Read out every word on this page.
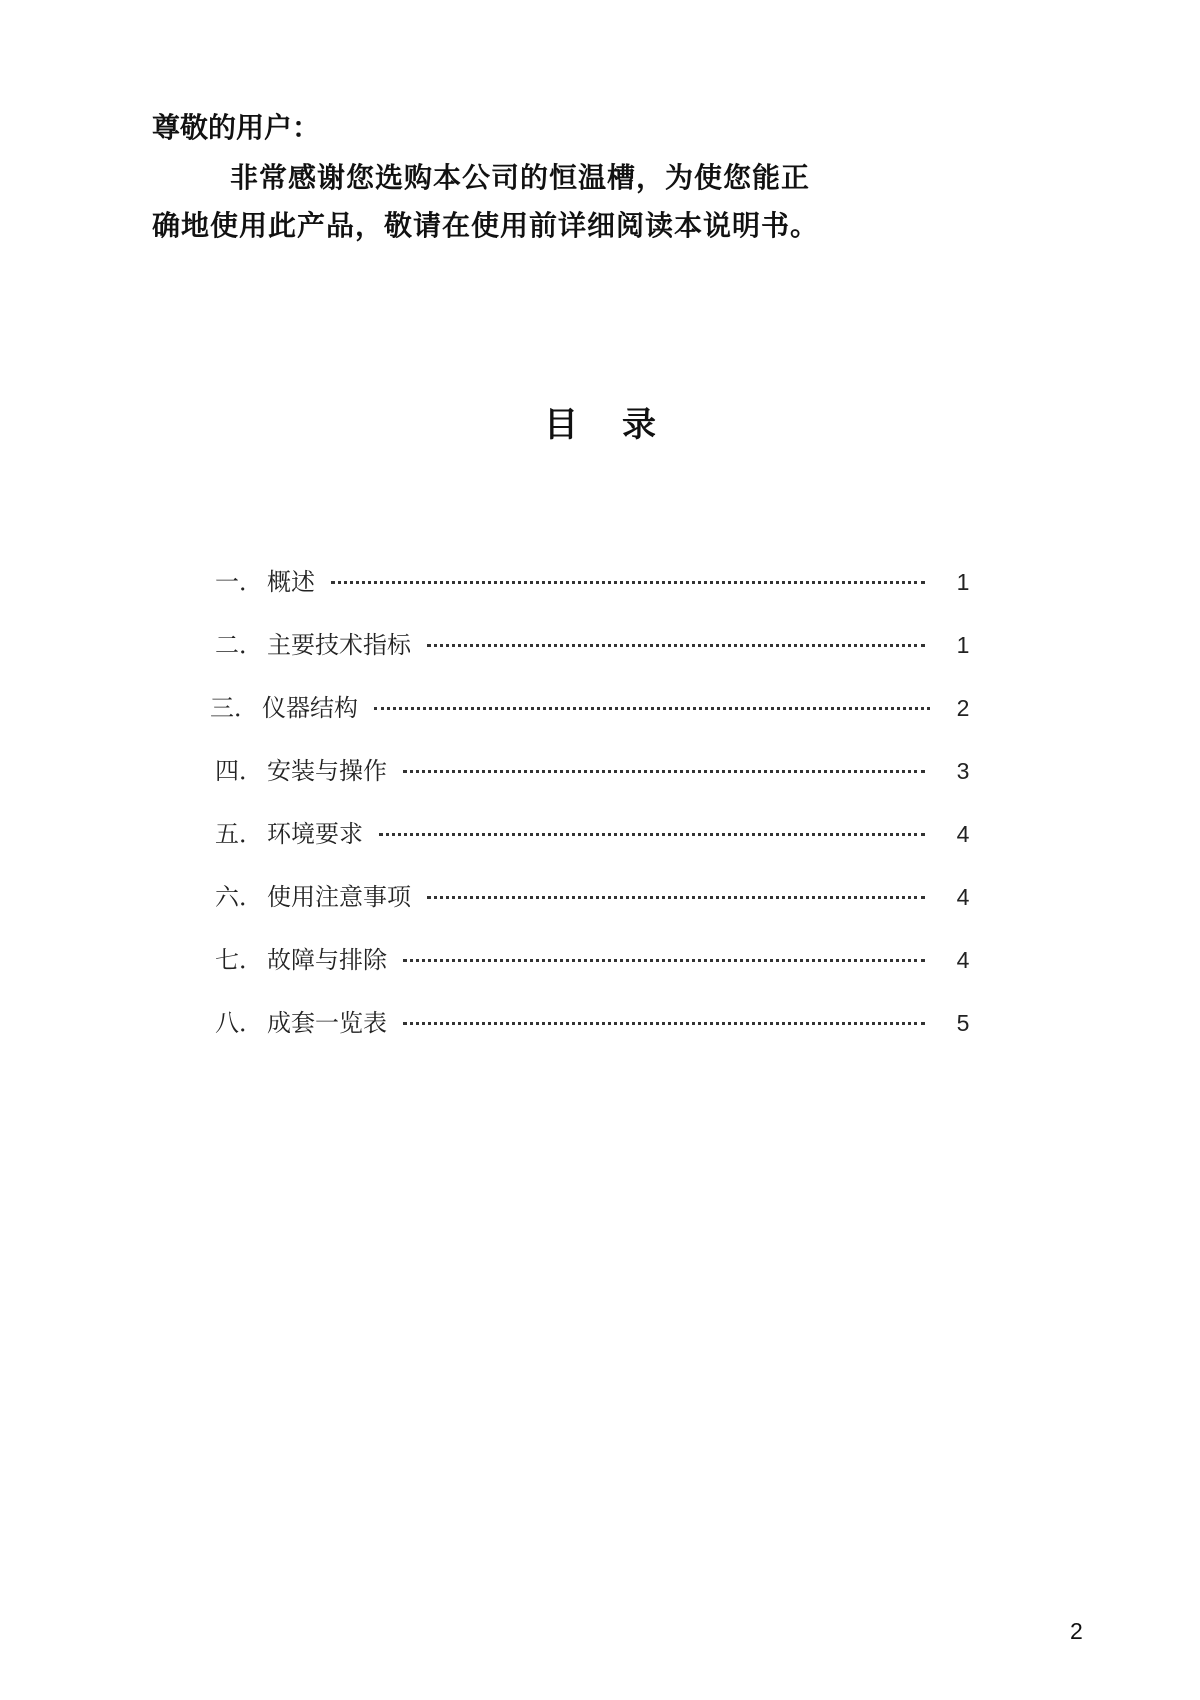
尊敬的用户：
非常感谢您选购本公司的恒温槽，为使您能正
确地使用此产品，敬请在使用前详细阅读本说明书。
目录
一． 概述	1
二． 主要技术指标	1
三． 仪器结构	2
四． 安装与操作	3
五． 环境要求	4
六． 使用注意事项	4
七． 故障与排除	4
八． 成套一览表	5
2
